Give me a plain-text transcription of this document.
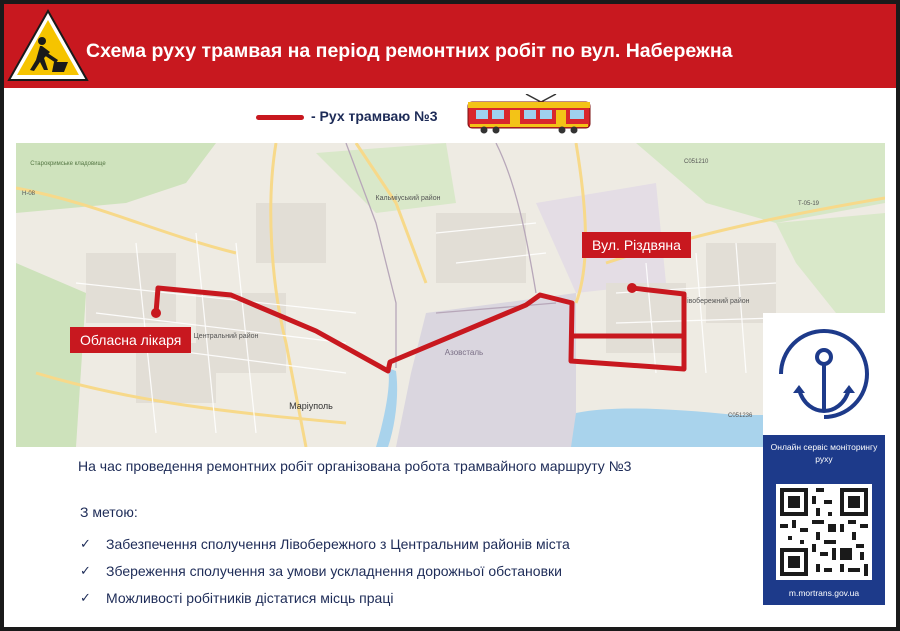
Схема руху трамвая на період ремонтних робіт по вул. Набережна
- Рух трамваю №3
Кальміуський район
Центральний район
Маріуполь
Азовсталь
Лівобережний район
Старокримське кладовище
Н-08
С051210
Т-05-19
С051236
Обласна лікаря
Вул. Різдвяна
Онлайн сервіс моніторингу руху
m.mortrans.gov.ua
На час проведення ремонтних робіт організована робота трамвайного маршруту №3
З метою:
✓	Забезпечення сполучення Лівобережного з Центральним районів міста
✓	Збереження сполучення за умови ускладнення дорожньої обстановки
✓	Можливості робітників дістатися місць праці
